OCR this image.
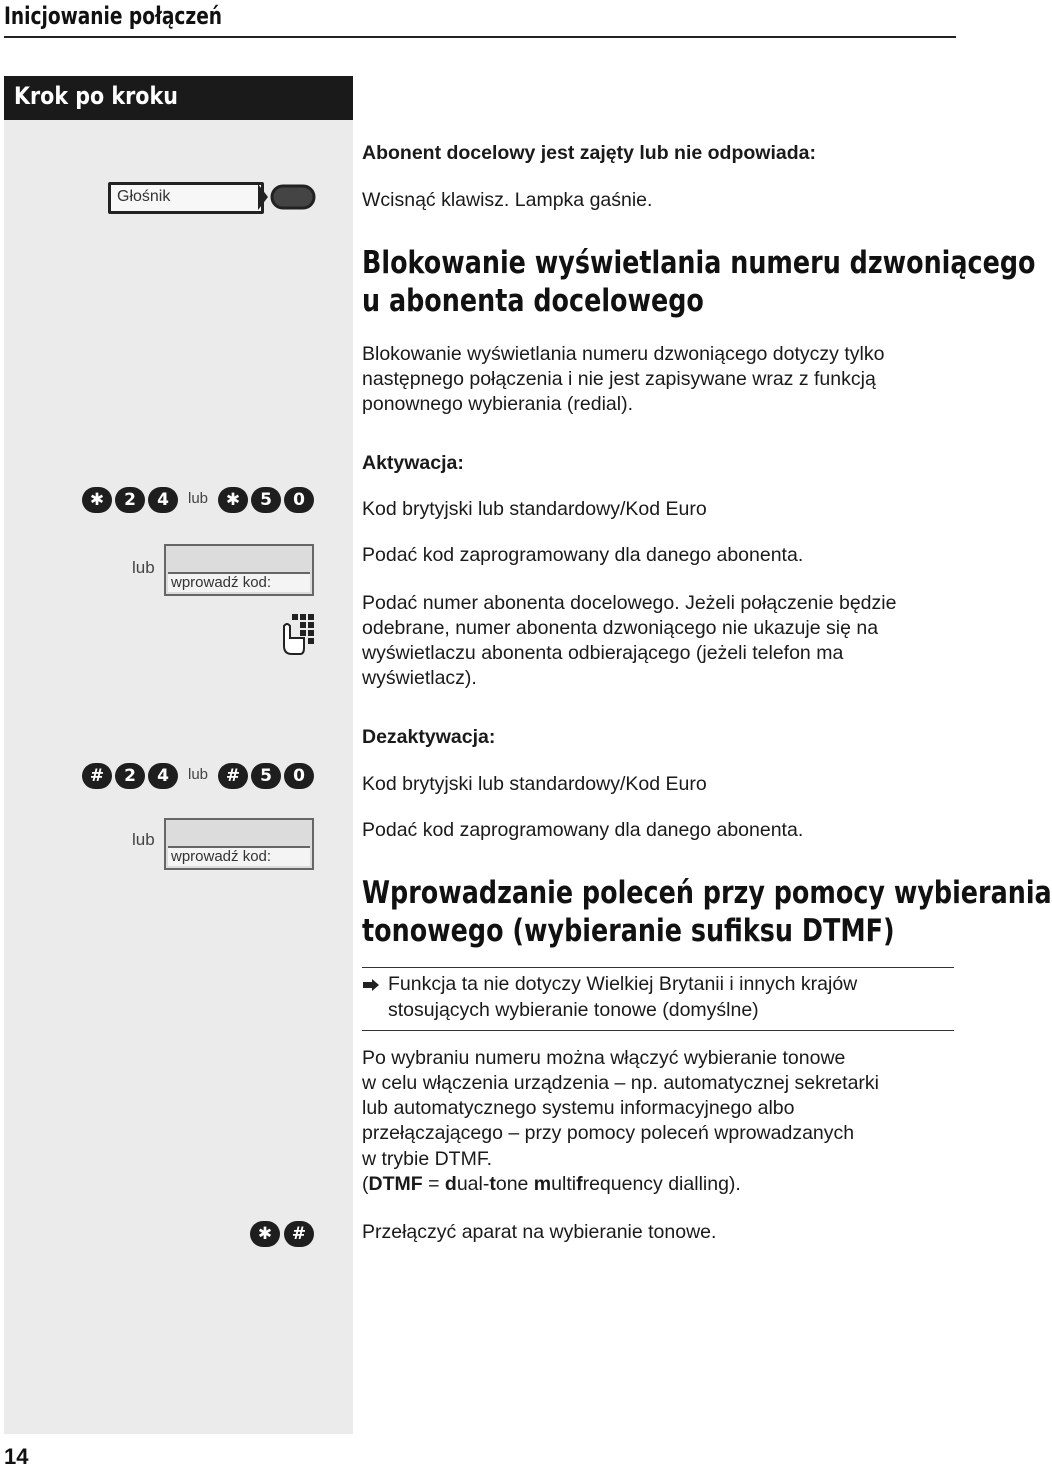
Inicjowanie połączeń
Krok po kroku
Głośnik
✱	2	4	lub	✱	5	0
lub
wprowadź kod:
#	2	4	lub	#	5	0
lub
wprowadź kod:
✱	#
Abonent docelowy jest zajęty lub nie odpowiada:
Wcisnąć klawisz. Lampka gaśnie.
Blokowanie wyświetlania numeru dzwoniącego
u abonenta docelowego
Blokowanie wyświetlania numeru dzwoniącego dotyczy tylko
następnego połączenia i nie jest zapisywane wraz z funkcją
ponownego wybierania (redial).
Aktywacja:
Kod brytyjski lub standardowy/Kod Euro
Podać kod zaprogramowany dla danego abonenta.
Podać numer abonenta docelowego. Jeżeli połączenie będzie
odebrane, numer abonenta dzwoniącego nie ukazuje się na
wyświetlaczu abonenta odbierającego (jeżeli telefon ma
wyświetlacz).
Dezaktywacja:
Kod brytyjski lub standardowy/Kod Euro
Podać kod zaprogramowany dla danego abonenta.
Wprowadzanie poleceń przy pomocy wybierania
tonowego (wybieranie sufiksu DTMF)
Funkcja ta nie dotyczy Wielkiej Brytanii i innych krajów
stosujących wybieranie tonowe (domyślne)
Po wybraniu numeru można włączyć wybieranie tonowe
w celu włączenia urządzenia – np. automatycznej sekretarki
lub automatycznego systemu informacyjnego albo
przełączającego – przy pomocy poleceń wprowadzanych
w trybie DTMF.
(DTMF = dual-tone multifrequency dialling).
Przełączyć aparat na wybieranie tonowe.
14
